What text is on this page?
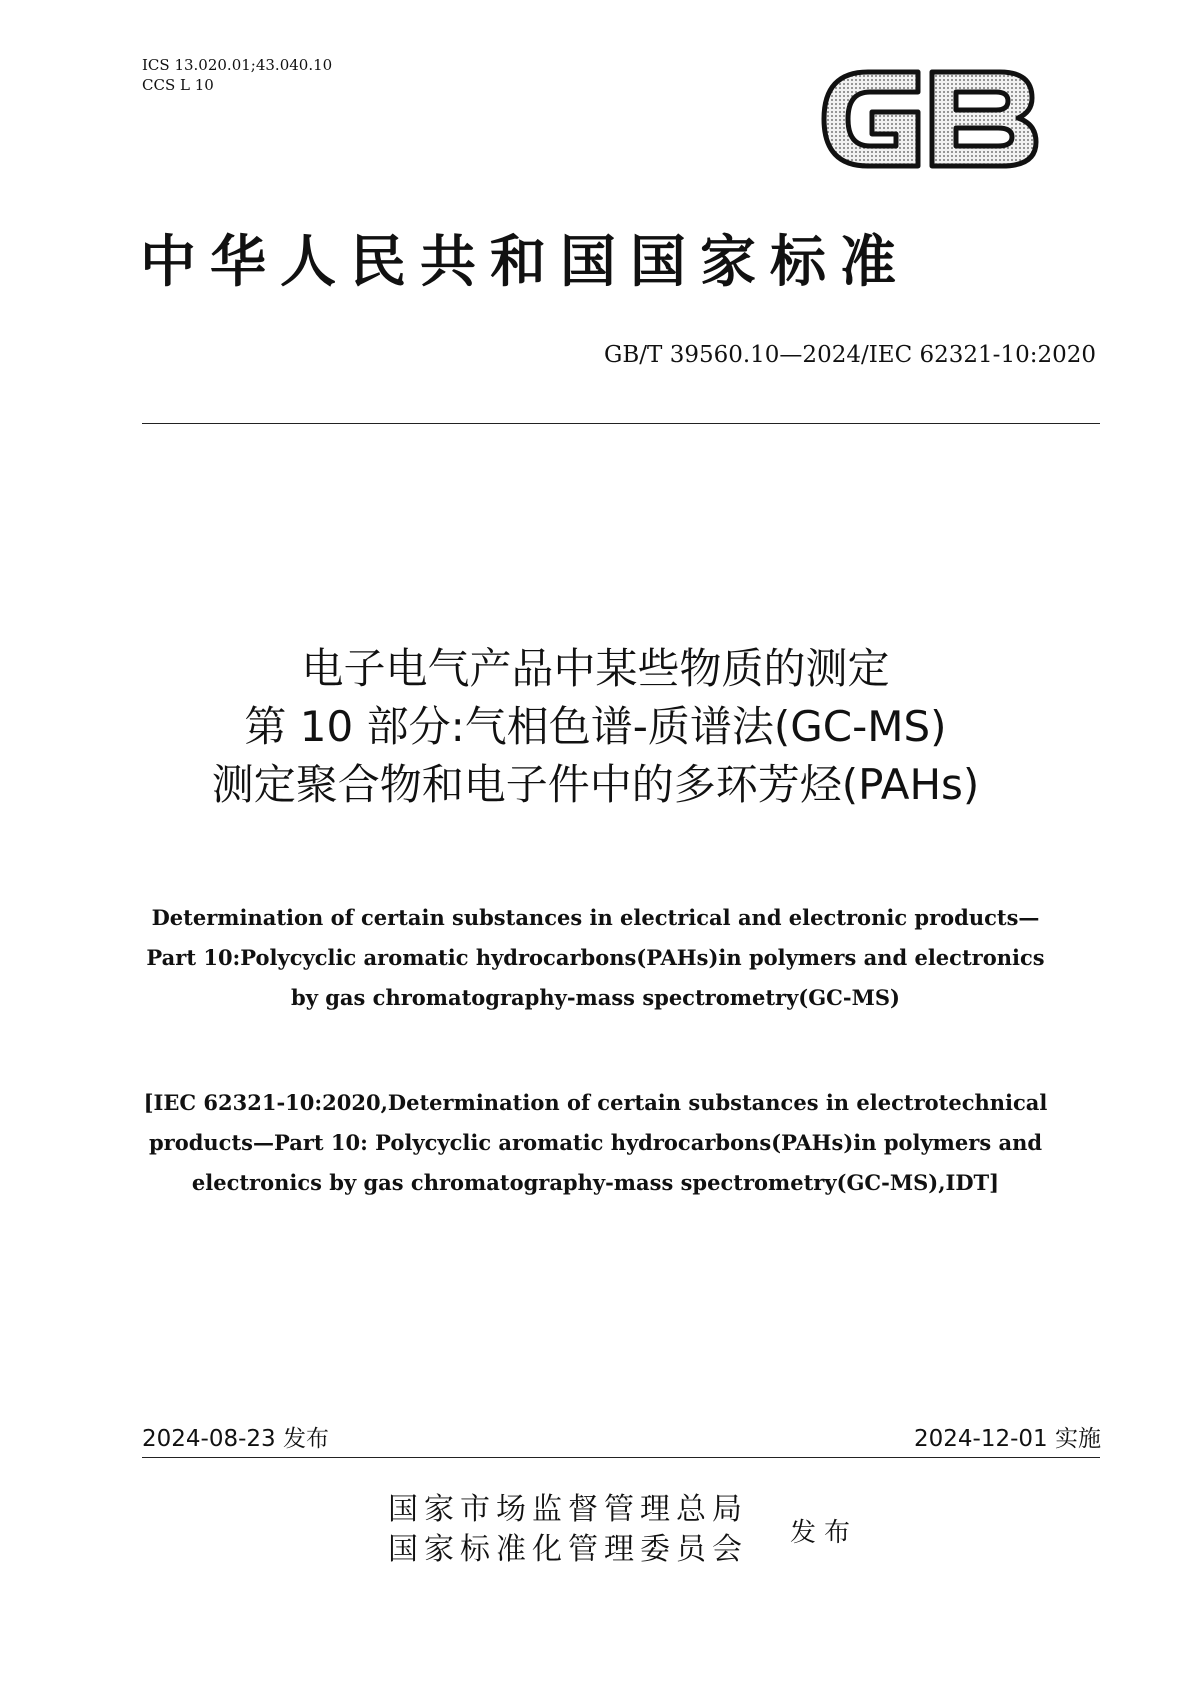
ICS 13.020.01;43.040.10
CCS L 10
中华人民共和国国家标准
GB/T 39560.10—2024/IEC 62321-10:2020
电子电气产品中某些物质的测定
第 10 部分:气相色谱-质谱法(GC-MS)
测定聚合物和电子件中的多环芳烃(PAHs)
Determination of certain substances in electrical and electronic products—
Part 10:Polycyclic aromatic hydrocarbons(PAHs)in polymers and electronics
by gas chromatography-mass spectrometry(GC-MS)
[IEC 62321-10:2020,Determination of certain substances in electrotechnical
products—Part 10: Polycyclic aromatic hydrocarbons(PAHs)in polymers and
electronics by gas chromatography-mass spectrometry(GC-MS),IDT]
2024-08-23 发布	2024-12-01 实施
国家市场监督管理总局
国家标准化管理委员会 发布
